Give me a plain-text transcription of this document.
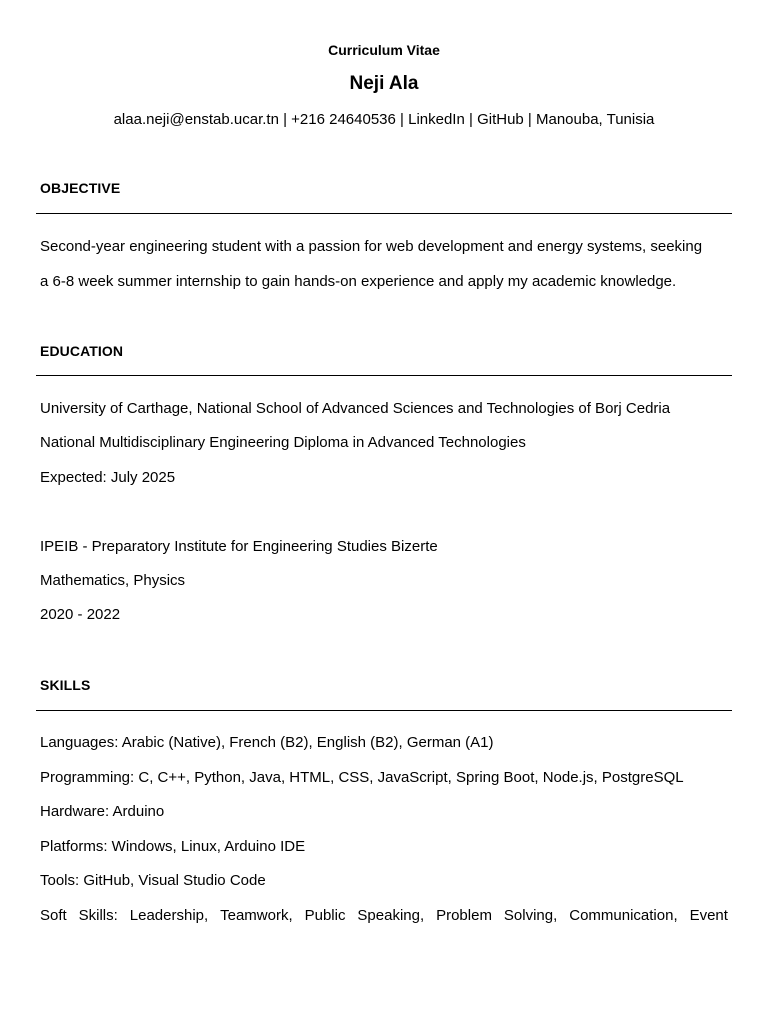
Curriculum Vitae
Neji Ala
alaa.neji@enstab.ucar.tn | +216 24640536 | LinkedIn | GitHub | Manouba, Tunisia
OBJECTIVE
Second-year engineering student with a passion for web development and energy systems, seeking
a 6-8 week summer internship to gain hands-on experience and apply my academic knowledge.
EDUCATION
University of Carthage, National School of Advanced Sciences and Technologies of Borj Cedria
National Multidisciplinary Engineering Diploma in Advanced Technologies
Expected: July 2025
IPEIB - Preparatory Institute for Engineering Studies Bizerte
Mathematics, Physics
2020 - 2022
SKILLS
Languages: Arabic (Native), French (B2), English (B2), German (A1)
Programming: C, C++, Python, Java, HTML, CSS, JavaScript, Spring Boot, Node.js, PostgreSQL
Hardware: Arduino
Platforms: Windows, Linux, Arduino IDE
Tools: GitHub, Visual Studio Code
Soft Skills: Leadership, Teamwork, Public Speaking, Problem Solving, Communication, Event
